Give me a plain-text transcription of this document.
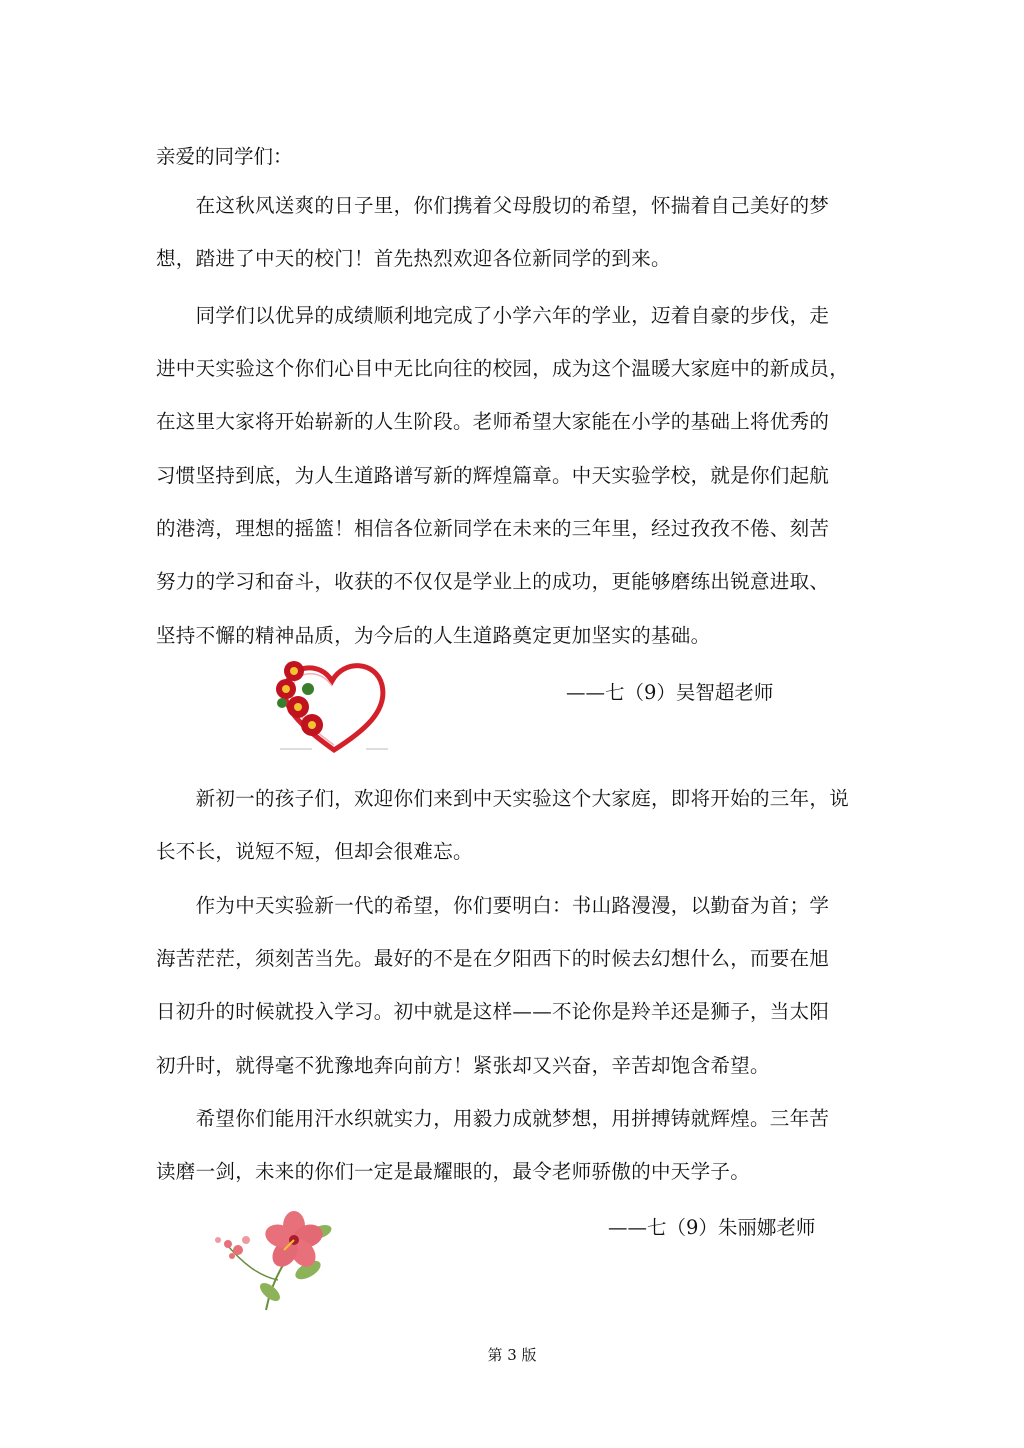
亲爱的同学们：
　　在这秋风送爽的日子里，你们携着父母殷切的希望，怀揣着自己美好的梦
想，踏进了中天的校门！首先热烈欢迎各位新同学的到来。
　　同学们以优异的成绩顺利地完成了小学六年的学业，迈着自豪的步伐，走
进中天实验这个你们心目中无比向往的校园，成为这个温暖大家庭中的新成员，
在这里大家将开始崭新的人生阶段。老师希望大家能在小学的基础上将优秀的
习惯坚持到底，为人生道路谱写新的辉煌篇章。中天实验学校，就是你们起航
的港湾，理想的摇篮！相信各位新同学在未来的三年里，经过孜孜不倦、刻苦
努力的学习和奋斗，收获的不仅仅是学业上的成功，更能够磨练出锐意进取、
坚持不懈的精神品质，为今后的人生道路奠定更加坚实的基础。
——七（9）吴智超老师
　　新初一的孩子们，欢迎你们来到中天实验这个大家庭，即将开始的三年，说
长不长，说短不短，但却会很难忘。
　　作为中天实验新一代的希望，你们要明白：书山路漫漫，以勤奋为首；学
海苦茫茫，须刻苦当先。最好的不是在夕阳西下的时候去幻想什么，而要在旭
日初升的时候就投入学习。初中就是这样——不论你是羚羊还是狮子，当太阳
初升时，就得毫不犹豫地奔向前方！紧张却又兴奋，辛苦却饱含希望。
　　希望你们能用汗水织就实力，用毅力成就梦想，用拼搏铸就辉煌。三年苦
读磨一剑，未来的你们一定是最耀眼的，最令老师骄傲的中天学子。
——七（9）朱丽娜老师
第 3 版
